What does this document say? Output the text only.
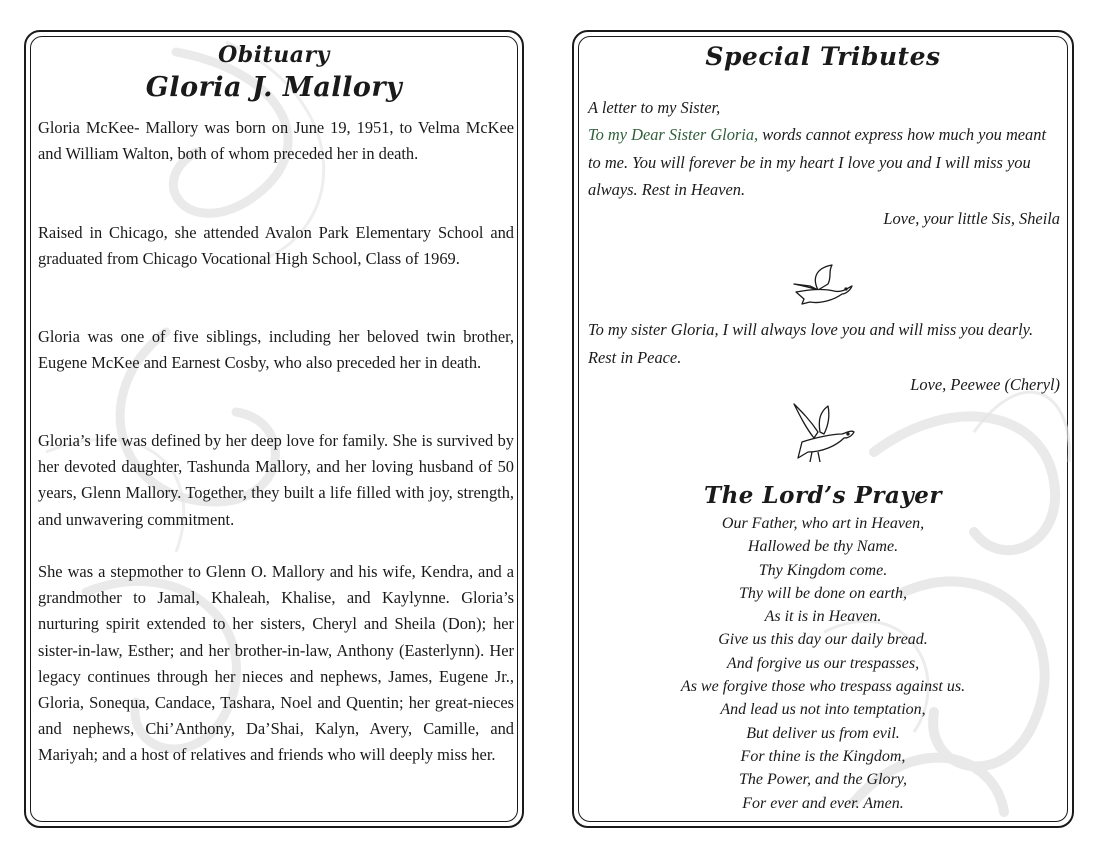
Obituary
Gloria J. Mallory

Gloria McKee- Mallory was born on June 19, 1951, to Velma McKee and William Walton, both of whom preceded her in death.

Raised in Chicago, she attended Avalon Park Elementary School and graduated from Chicago Vocational High School, Class of 1969.

Gloria was one of five siblings, including her beloved twin brother, Eugene McKee and Earnest Cosby, who also preceded her in death.

Gloria’s life was defined by her deep love for family. She is survived by her devoted daughter, Tashunda Mallory, and her loving husband of 50 years, Glenn Mallory. Together, they built a life filled with joy, strength, and unwavering commitment.

She was a stepmother to Glenn O. Mallory and his wife, Kendra, and a grandmother to Jamal, Khaleah, Khalise, and Kaylynne. Gloria’s nurturing spirit extended to her sisters, Cheryl and Sheila (Don); her sister-in-law, Esther; and her brother-in-law, Anthony (Easterlynn). Her legacy continues through her nieces and nephews, James, Eugene Jr., Gloria, Sonequa, Candace, Tashara, Noel and Quentin; her great-nieces and nephews, Chi’Anthony, Da’Shai, Kalyn, Avery, Camille, and Mariyah; and a host of relatives and friends who will deeply miss her.

Special Tributes

A letter to my Sister,

To my Dear Sister Gloria, words cannot express how much you meant to me. You will forever be in my heart I love you and I will miss you always. Rest in Heaven.

Love, your little Sis, Sheila

To my sister Gloria, I will always love you and will miss you dearly. Rest in Peace.

Love, Peewee (Cheryl)

The Lord’s Prayer
Our Father, who art in Heaven,
Hallowed be thy Name.
Thy Kingdom come.
Thy will be done on earth,
As it is in Heaven.
Give us this day our daily bread.
And forgive us our trespasses,
As we forgive those who trespass against us.
And lead us not into temptation,
But deliver us from evil.
For thine is the Kingdom,
The Power, and the Glory,
For ever and ever. Amen.
